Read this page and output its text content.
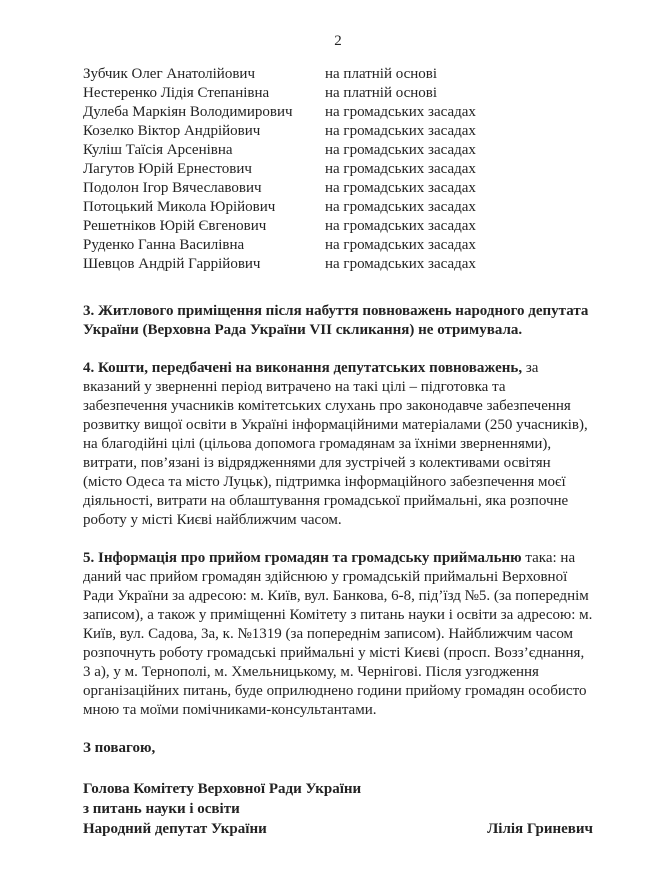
2
Зубчик Олег Анатолійович	на платній основі
Нестеренко Лідія Степанівна	на платній основі
Дулеба Маркіян Володимирович	на громадських засадах
Козелко Віктор Андрійович	на громадських засадах
Куліш Таїсія Арсенівна	на громадських засадах
Лагутов Юрій Ернестович	на громадських засадах
Подолон Ігор Вячеславович	на громадських засадах
Потоцький Микола Юрійович	на громадських засадах
Решетніков Юрій Євгенович	на громадських засадах
Руденко Ганна Василівна	на громадських засадах
Шевцов Андрій Гаррійович	на громадських засадах

3. Житлового приміщення після набуття повноважень народного депутата України (Верховна Рада України VII скликання) не отримувала.

4. Кошти, передбачені на виконання депутатських повноважень, за вказаний у зверненні період витрачено на такі цілі – підготовка та забезпечення учасників комітетських слухань про законодавче забезпечення розвитку вищої освіти в Україні інформаційними матеріалами (250 учасників), на благодійні цілі (цільова допомога громадянам за їхніми зверненнями), витрати, пов’язані із відрядженнями для зустрічей з колективами освітян (місто Одеса та місто Луцьк), підтримка інформаційного забезпечення моєї діяльності, витрати на облаштування громадської приймальні, яка розпочне роботу у місті Києві найближчим часом.

5. Інформація про прийом громадян та громадську приймальню така: на даний час прийом громадян здійснюю у громадській приймальні Верховної Ради України за адресою: м. Київ, вул. Банкова, 6-8, під’їзд №5. (за попереднім записом), а також у приміщенні Комітету з питань науки і освіти за адресою: м. Київ, вул. Садова, 3а, к. №1319 (за попереднім записом). Найближчим часом розпочнуть роботу громадські приймальні у місті Києві (просп. Возз’єднання, 3 а), у м. Тернополі, м. Хмельницькому, м. Чернігові. Після узгодження організаційних питань, буде оприлюднено години прийому громадян особисто мною та моїми помічниками-консультантами.

З повагою,
Голова Комітету Верховної Ради України
з питань науки і освіти
Народний депутат України	Лілія Гриневич
